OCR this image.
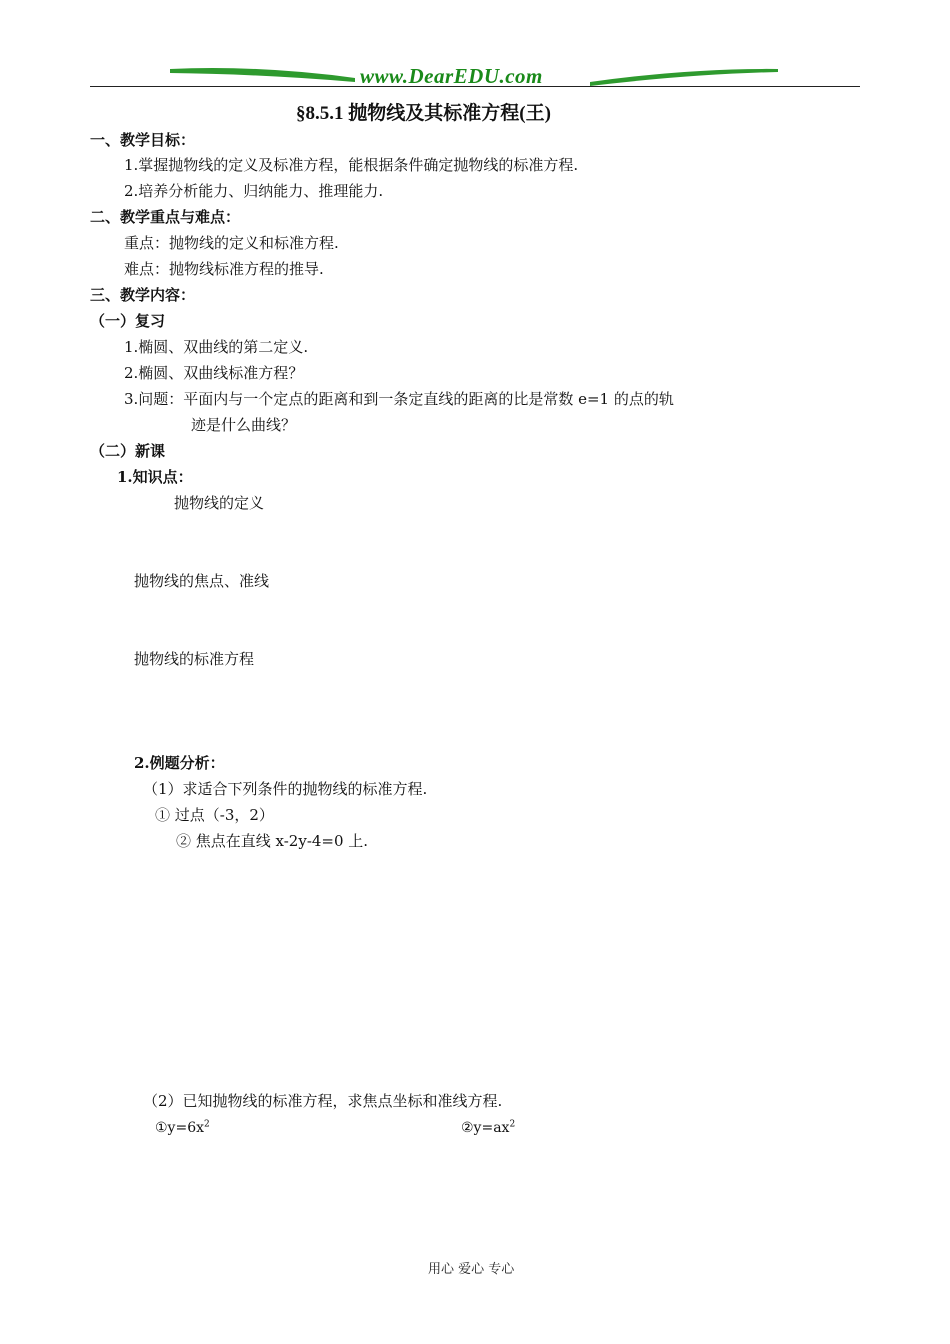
www.DearEDU.com
§8.5.1 抛物线及其标准方程(王)
一、教学目标：
1.掌握抛物线的定义及标准方程，能根据条件确定抛物线的标准方程.
2.培养分析能力、归纳能力、推理能力.
二、教学重点与难点：
重点：抛物线的定义和标准方程.
难点：抛物线标准方程的推导.
三、教学内容：
（一）复习
1.椭圆、双曲线的第二定义.
2.椭圆、双曲线标准方程？
3.问题：平面内与一个定点的距离和到一条定直线的距离的比是常数 e=1 的点的轨
迹是什么曲线？
（二）新课
1.知识点：
抛物线的定义
抛物线的焦点、准线
抛物线的标准方程
2.例题分析：
（1）求适合下列条件的抛物线的标准方程.
① 过点（-3，2）
② 焦点在直线 x-2y-4=0 上.
（2）已知抛物线的标准方程，求焦点坐标和准线方程.
$①y=6x^2$	$②y=ax^2$
用心 爱心 专心
